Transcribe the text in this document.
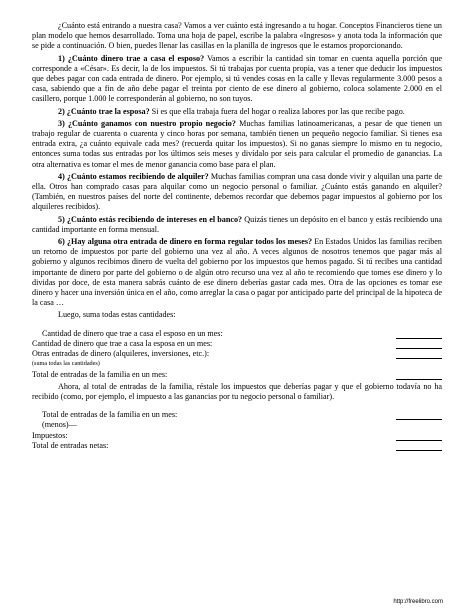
¿Cuánto está entrando a nuestra casa? Vamos a ver cuánto está ingresando a tu hogar. Conceptos Financieros tiene un plan modelo que hemos desarrollado. Toma una hoja de papel, escribe la palabra «Ingresos» y anota toda la información que se pide a continuación. O bien, puedes llenar las casillas en la planilla de ingresos que le estamos proporcionando.

1) ¿Cuánto dinero trae a casa el esposo? Vamos a escribir la cantidad sin tomar en cuenta aquella porción que corresponde a «César». Es decir, la de los impuestos. Si tú trabajas por cuenta propia, vas a tener que deducir los impuestos que debes pagar con cada entrada de dinero. Por ejemplo, si tú vendes cosas en la calle y llevas regularmente 3.000 pesos a casa, sabiendo que a fin de año debe pagar el treinta por ciento de ese dinero al gobierno, coloca solamente 2.000 en el casillero, porque 1.000 le corresponderán al gobierno, no son tuyos.

2) ¿Cuánto trae la esposa? Si es que ella trabaja fuera del hogar o realiza labores por las que recibe pago.

3) ¿Cuánto ganamos con nuestro propio negocio? Muchas familias latinoamericanas, a pesar de que tienen un trabajo regular de cuarenta o cuarenta y cinco horas por semana, también tienen un pequeño negocio familiar. Si tienes esa entrada extra, ¿a cuánto equivale cada mes? (recuerda quitar los impuestos). Si no ganas siempre lo mismo en tu negocio, entonces suma todas sus entradas por los últimos seis meses y divídalo por seis para calcular el promedio de ganancias. La otra alternativa es tomar el mes de menor ganancia como base para el plan.

4) ¿Cuánto estamos recibiendo de alquiler? Muchas familias compran una casa donde vivir y alquilan una parte de ella. Otros han comprado casas para alquilar como un negocio personal o familiar. ¿Cuánto estás ganando en alquiler? (También, en nuestros países del norte del continente, debemos recordar que debemos pagar impuestos al gobierno por los alquileres recibidos).

5) ¿Cuánto estás recibiendo de intereses en el banco? Quizás tienes un depósito en el banco y estás recibiendo una cantidad importante en forma mensual.

6) ¿Hay alguna otra entrada de dinero en forma regular todos los meses? En Estados Unidos las familias reciben un retorno de impuestos por parte del gobierno una vez al año. A veces algunos de nosotros tenemos que pagar más al gobierno y algunos recibimos dinero de vuelta del gobierno por los impuestos que hemos pagado. Si tú recibes una cantidad importante de dinero por parte del gobierno o de algún otro recurso una vez al año te recomiendo que tomes ese dinero y lo dividas por doce, de esta manera sabrás cuánto de ese dinero deberías gastar cada mes. Otra de las opciones es tomar ese dinero y hacer una inversión única en el año, como arreglar la casa o pagar por anticipado parte del principal de la hipoteca de la casa …

Luego, suma todas estas cantidades:

Cantidad de dinero que trae a casa el esposo en un mes:
Cantidad de dinero que trae a casa la esposa en un mes:
Otras entradas de dinero (alquileres, inversiones, etc.):
(suma todas las cantidades)
Total de entradas de la familia en un mes:

Ahora, al total de entradas de la familia, réstale los impuestos que deberías pagar y que el gobierno todavía no ha recibido (como, por ejemplo, el impuesto a las ganancias por tu negocio personal o familiar).

Total de entradas de la familia en un mes:
(menos)—
Impuestos:
Total de entradas netas:
http://freelibro.com
